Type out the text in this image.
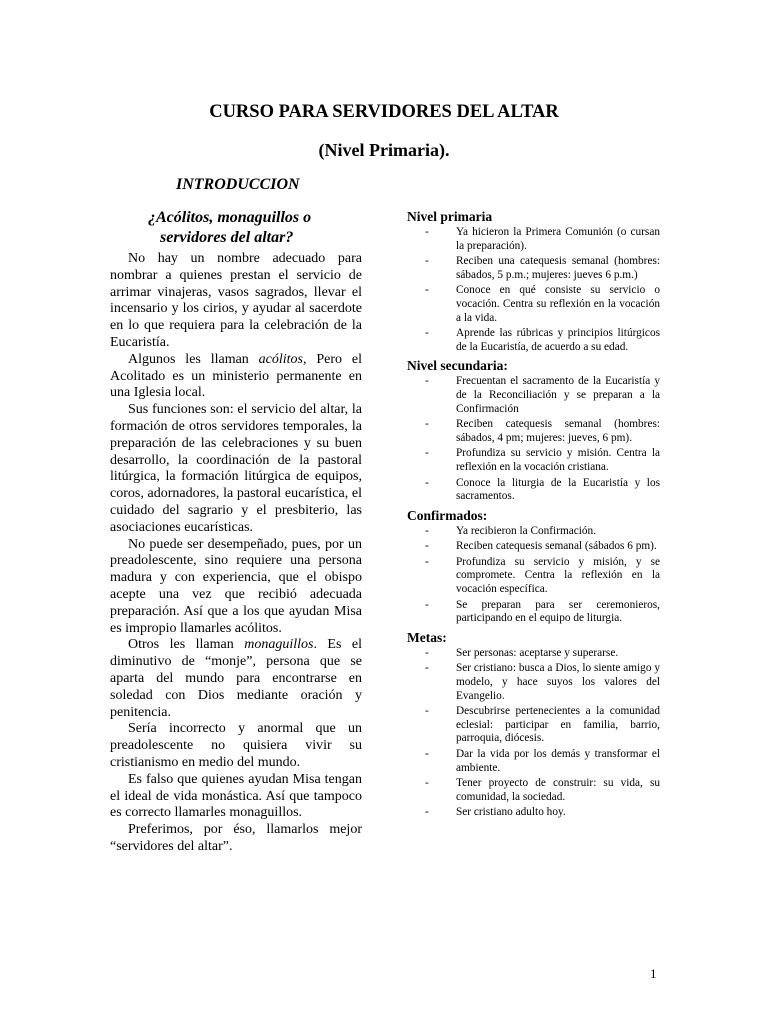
CURSO PARA SERVIDORES DEL ALTAR
(Nivel Primaria).
INTRODUCCION
¿Acólitos, monaguillos o
servidores del altar?

No hay un nombre adecuado para nombrar a quienes prestan el servicio de arrimar vinajeras, vasos sagrados, llevar el incensario y los cirios, y ayudar al sacerdote en lo que requiera para la celebración de la Eucaristía.

Algunos les llaman acólitos, Pero el Acolitado es un ministerio permanente en una Iglesia local.

Sus funciones son: el servicio del altar, la formación de otros servidores temporales, la preparación de las celebraciones y su buen desarrollo, la coordinación de la pastoral litúrgica, la formación litúrgica de equipos, coros, adornadores, la pastoral eucarística, el cuidado del sagrario y el presbiterio, las asociaciones eucarísticas.

No puede ser desempeñado, pues, por un preadolescente, sino requiere una persona madura y con experiencia, que el obispo acepte una vez que recibió adecuada preparación. Así que a los que ayudan Misa es impropio llamarles acólitos.

Otros les llaman monaguillos. Es el diminutivo de “monje”, persona que se aparta del mundo para encontrarse en soledad con Dios mediante oración y penitencia.

Sería incorrecto y anormal que un preadolescente no quisiera vivir su cristianismo en medio del mundo.

Es falso que quienes ayudan Misa tengan el ideal de vida monástica. Así que tampoco es correcto llamarles monaguillos.

Preferimos, por éso, llamarlos mejor “servidores del altar”.

Nivel primaria
- Ya hicieron la Primera Comunión (o cursan la preparación).
- Reciben una catequesis semanal (hombres: sábados, 5 p.m.; mujeres: jueves 6 p.m.)
- Conoce en qué consiste su servicio o vocación. Centra su reflexión en la vocación a la vida.
- Aprende las rúbricas y principios litúrgicos de la Eucaristía, de acuerdo a su edad.
Nivel secundaria:
- Frecuentan el sacramento de la Eucaristía y de la Reconciliación y se preparan a la Confirmación
- Reciben catequesis semanal (hombres: sábados, 4 pm; mujeres: jueves, 6 pm).
- Profundiza su servicio y misión. Centra la reflexión en la vocación cristiana.
- Conoce la liturgia de la Eucaristía y los sacramentos.
Confirmados:
- Ya recibieron la Confirmación.
- Reciben catequesis semanal (sábados 6 pm).
- Profundiza su servicio y misión, y se compromete. Centra la reflexión en la vocación específica.
- Se preparan para ser ceremonieros, participando en el equipo de liturgia.
Metas:
- Ser personas: aceptarse y superarse.
- Ser cristiano: busca a Dios, lo siente amigo y modelo, y hace suyos los valores del Evangelio.
- Descubrirse pertenecientes a la comunidad eclesial: participar en familia, barrio, parroquia, diócesis.
- Dar la vida por los demás y transformar el ambiente.
- Tener proyecto de construir: su vida, su comunidad, la sociedad.
- Ser cristiano adulto hoy.
1
